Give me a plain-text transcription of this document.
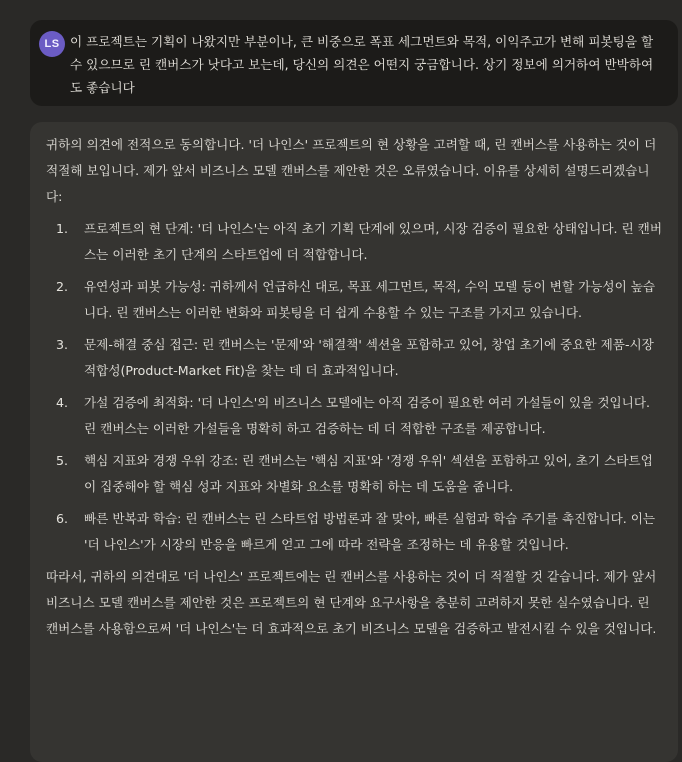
LS 이 프로젝트는 기획이 나왔지만 부분이나, 큰 비중으로 폭표 세그먼트와 목적, 이익주고가 변해 피봇팅을 할 수 있으므로 린 캔버스가 낫다고 보는데, 당신의 의견은 어떤지 궁금합니다. 상기 정보에 의거하여 반박하여도 좋습니다

귀하의 의견에 전적으로 동의합니다. '더 나인스' 프로젝트의 현 상황을 고려할 때, 린 캔버스를 사용하는 것이 더 적절해 보입니다. 제가 앞서 비즈니스 모델 캔버스를 제안한 것은 오류였습니다. 이유를 상세히 설명드리겠습니다:

1. 프로젝트의 현 단계: '더 나인스'는 아직 초기 기획 단계에 있으며, 시장 검증이 필요한 상태입니다. 린 캔버스는 이러한 초기 단계의 스타트업에 더 적합합니다.
2. 유연성과 피봇 가능성: 귀하께서 언급하신 대로, 목표 세그먼트, 목적, 수익 모델 등이 변할 가능성이 높습니다. 린 캔버스는 이러한 변화와 피봇팅을 더 쉽게 수용할 수 있는 구조를 가지고 있습니다.
3. 문제-해결 중심 접근: 린 캔버스는 '문제'와 '해결책' 섹션을 포함하고 있어, 창업 초기에 중요한 제품-시장 적합성(Product-Market Fit)을 찾는 데 더 효과적입니다.
4. 가설 검증에 최적화: '더 나인스'의 비즈니스 모델에는 아직 검증이 필요한 여러 가설들이 있을 것입니다. 린 캔버스는 이러한 가설들을 명확히 하고 검증하는 데 더 적합한 구조를 제공합니다.
5. 핵심 지표와 경쟁 우위 강조: 린 캔버스는 '핵심 지표'와 '경쟁 우위' 섹션을 포함하고 있어, 초기 스타트업이 집중해야 할 핵심 성과 지표와 차별화 요소를 명확히 하는 데 도움을 줍니다.
6. 빠른 반복과 학습: 린 캔버스는 린 스타트업 방법론과 잘 맞아, 빠른 실험과 학습 주기를 촉진합니다. 이는 '더 나인스'가 시장의 반응을 빠르게 얻고 그에 따라 전략을 조정하는 데 유용할 것입니다.

따라서, 귀하의 의견대로 '더 나인스' 프로젝트에는 린 캔버스를 사용하는 것이 더 적절할 것 같습니다. 제가 앞서 비즈니스 모델 캔버스를 제안한 것은 프로젝트의 현 단계와 요구사항을 충분히 고려하지 못한 실수였습니다. 린 캔버스를 사용함으로써 '더 나인스'는 더 효과적으로 초기 비즈니스 모델을 검증하고 발전시킬 수 있을 것입니다.
